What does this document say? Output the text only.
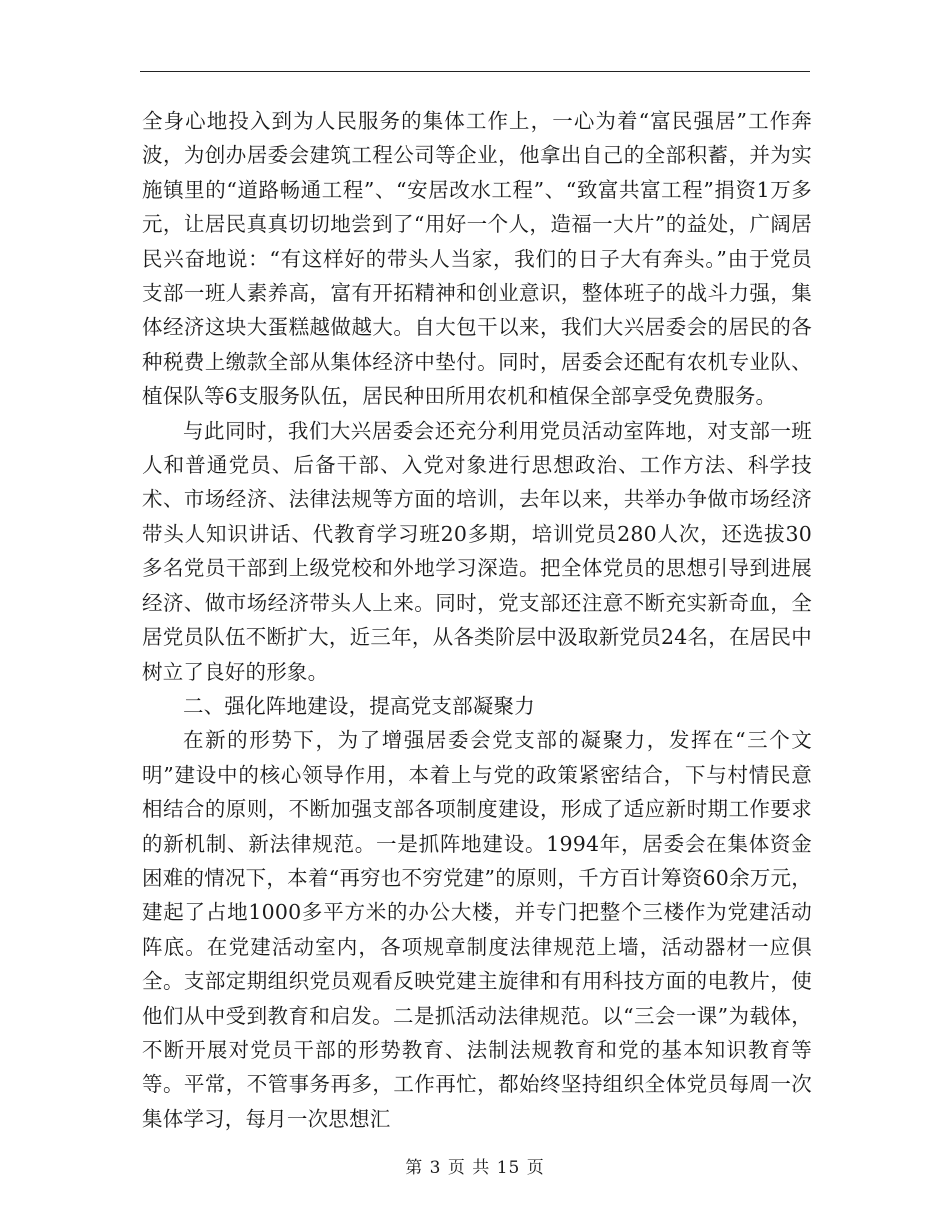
全身心地投入到为人民服务的集体工作上，一心为着“富民强居”工作奔波，为创办居委会建筑工程公司等企业，他拿出自己的全部积蓄，并为实施镇里的“道路畅通工程”、“安居改水工程”、“致富共富工程”捐资1万多元，让居民真真切切地尝到了“用好一个人，造福一大片”的益处，广阔居民兴奋地说：“有这样好的带头人当家，我们的日子大有奔头。”由于党员支部一班人素养高，富有开拓精神和创业意识，整体班子的战斗力强，集体经济这块大蛋糕越做越大。自大包干以来，我们大兴居委会的居民的各种税费上缴款全部从集体经济中垫付。同时，居委会还配有农机专业队、植保队等6支服务队伍，居民种田所用农机和植保全部享受免费服务。

与此同时，我们大兴居委会还充分利用党员活动室阵地，对支部一班人和普通党员、后备干部、入党对象进行思想政治、工作方法、科学技术、市场经济、法律法规等方面的培训，去年以来，共举办争做市场经济带头人知识讲话、代教育学习班20多期，培训党员280人次，还选拔30多名党员干部到上级党校和外地学习深造。把全体党员的思想引导到进展经济、做市场经济带头人上来。同时，党支部还注意不断充实新奇血，全居党员队伍不断扩大，近三年，从各类阶层中汲取新党员24名，在居民中树立了良好的形象。

二、强化阵地建设，提高党支部凝聚力

在新的形势下，为了增强居委会党支部的凝聚力，发挥在“三个文明”建设中的核心领导作用，本着上与党的政策紧密结合，下与村情民意相结合的原则，不断加强支部各项制度建设，形成了适应新时期工作要求的新机制、新法律规范。一是抓阵地建设。1994年，居委会在集体资金困难的情况下，本着“再穷也不穷党建”的原则，千方百计筹资60余万元，建起了占地1000多平方米的办公大楼，并专门把整个三楼作为党建活动阵底。在党建活动室内，各项规章制度法律规范上墙，活动器材一应俱全。支部定期组织党员观看反映党建主旋律和有用科技方面的电教片，使他们从中受到教育和启发。二是抓活动法律规范。以“三会一课”为载体，不断开展对党员干部的形势教育、法制法规教育和党的基本知识教育等等。平常，不管事务再多，工作再忙，都始终坚持组织全体党员每周一次集体学习，每月一次思想汇

第 3 页 共 15 页
